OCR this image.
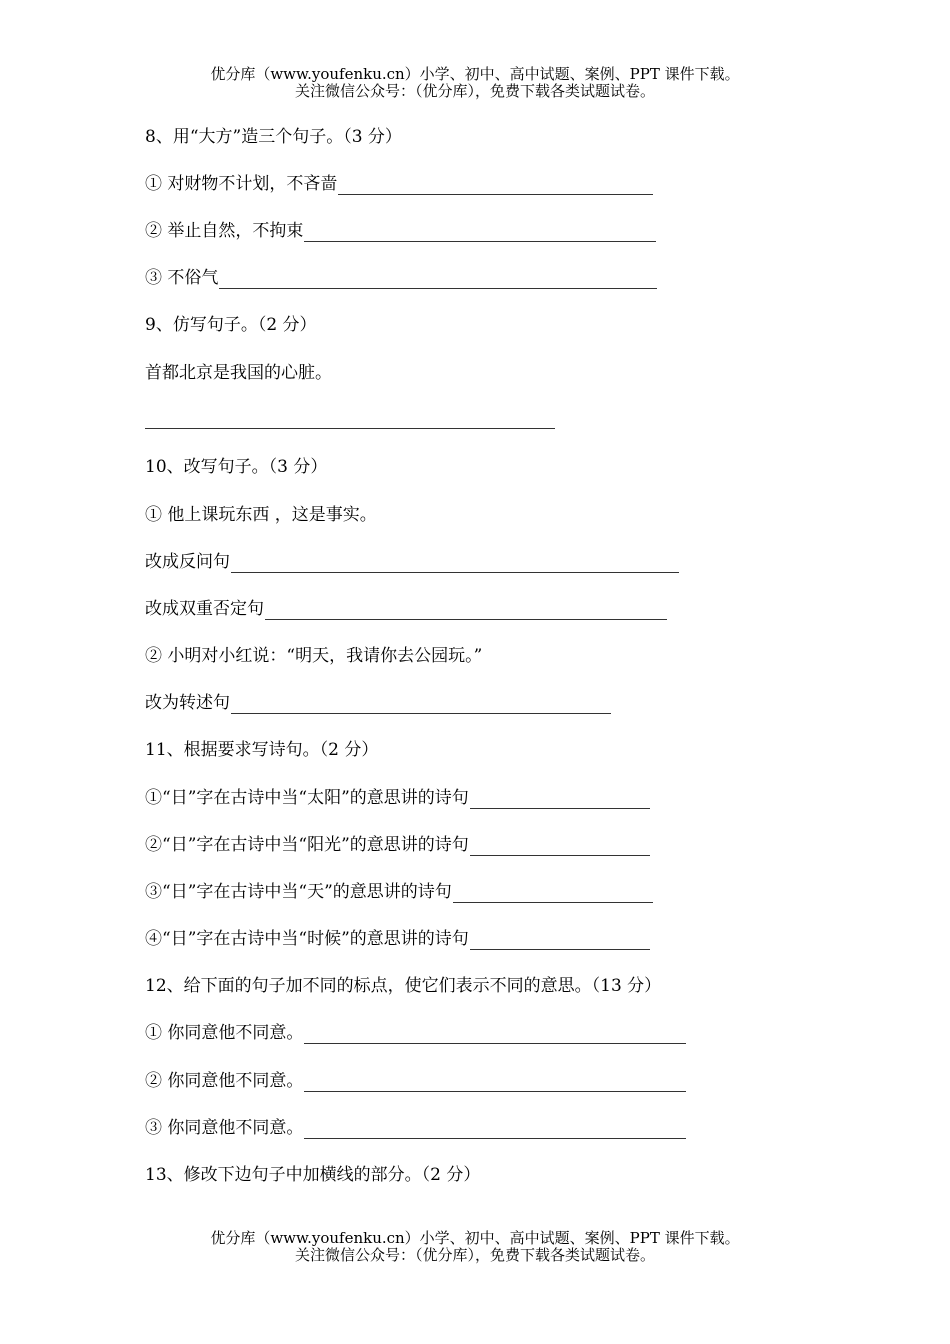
优分库（www.youfenku.cn）小学、初中、高中试题、案例、PPT 课件下载。
关注微信公众号：（优分库），免费下载各类试题试卷。
8、用“大方”造三个句子。（3 分）
① 对财物不计划，不吝啬
② 举止自然，不拘束
③ 不俗气
9、仿写句子。（2 分）
首都北京是我国的心脏。
10、改写句子。（3 分）
① 他上课玩东西 ，这是事实。
改成反问句
改成双重否定句
② 小明对小红说：“明天，我请你去公园玩。”
改为转述句
11、根据要求写诗句。（2 分）
①“日”字在古诗中当“太阳”的意思讲的诗句
②“日”字在古诗中当“阳光”的意思讲的诗句
③“日”字在古诗中当“天”的意思讲的诗句
④“日”字在古诗中当“时候”的意思讲的诗句
12、给下面的句子加不同的标点，使它们表示不同的意思。（13 分）
① 你同意他不同意。
② 你同意他不同意。
③ 你同意他不同意。
13、修改下边句子中加横线的部分。（2 分）
优分库（www.youfenku.cn）小学、初中、高中试题、案例、PPT 课件下载。
关注微信公众号：（优分库），免费下载各类试题试卷。
